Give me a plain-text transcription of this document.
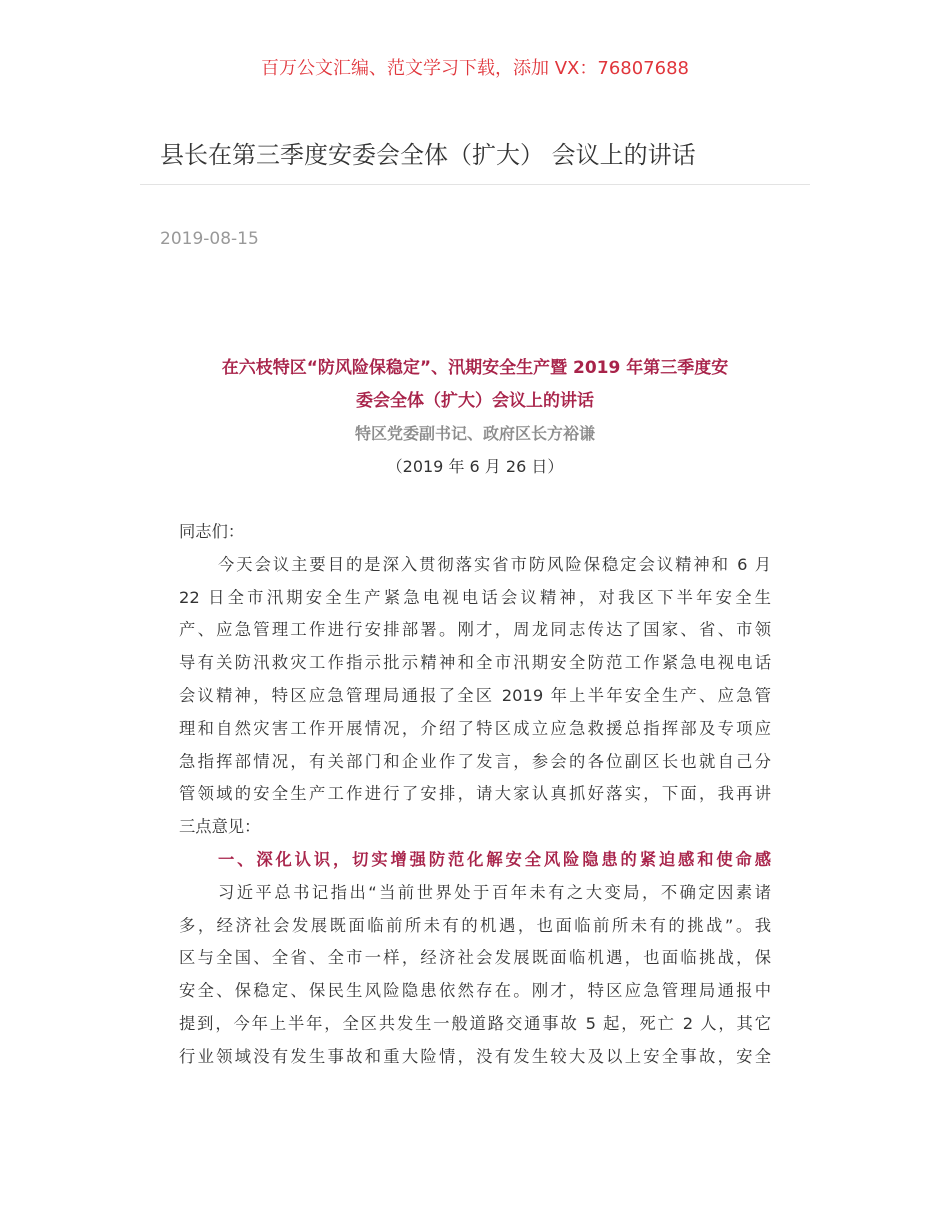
百万公文汇编、范文学习下载，添加 VX：76807688
县长在第三季度安委会全体（扩大） 会议上的讲话
2019-08-15
在六枝特区“防风险保稳定”、汛期安全生产暨 2019 年第三季度安
委会全体（扩大）会议上的讲话
特区党委副书记、政府区长方裕谦
（2019 年 6 月 26 日）
同志们：
今天会议主要目的是深入贯彻落实省市防风险保稳定会议精神和 6 月
22 日全市汛期安全生产紧急电视电话会议精神，对我区下半年安全生
产、应急管理工作进行安排部署。刚才，周龙同志传达了国家、省、市领
导有关防汛救灾工作指示批示精神和全市汛期安全防范工作紧急电视电话
会议精神，特区应急管理局通报了全区 2019 年上半年安全生产、应急管
理和自然灾害工作开展情况，介绍了特区成立应急救援总指挥部及专项应
急指挥部情况，有关部门和企业作了发言，参会的各位副区长也就自己分
管领域的安全生产工作进行了安排，请大家认真抓好落实，下面，我再讲
三点意见：
一、深化认识，切实增强防范化解安全风险隐患的紧迫感和使命感
习近平总书记指出“当前世界处于百年未有之大变局，不确定因素诸
多，经济社会发展既面临前所未有的机遇，也面临前所未有的挑战”。我
区与全国、全省、全市一样，经济社会发展既面临机遇，也面临挑战，保
安全、保稳定、保民生风险隐患依然存在。刚才，特区应急管理局通报中
提到，今年上半年，全区共发生一般道路交通事故 5 起，死亡 2 人，其它
行业领域没有发生事故和重大险情，没有发生较大及以上安全事故，安全
